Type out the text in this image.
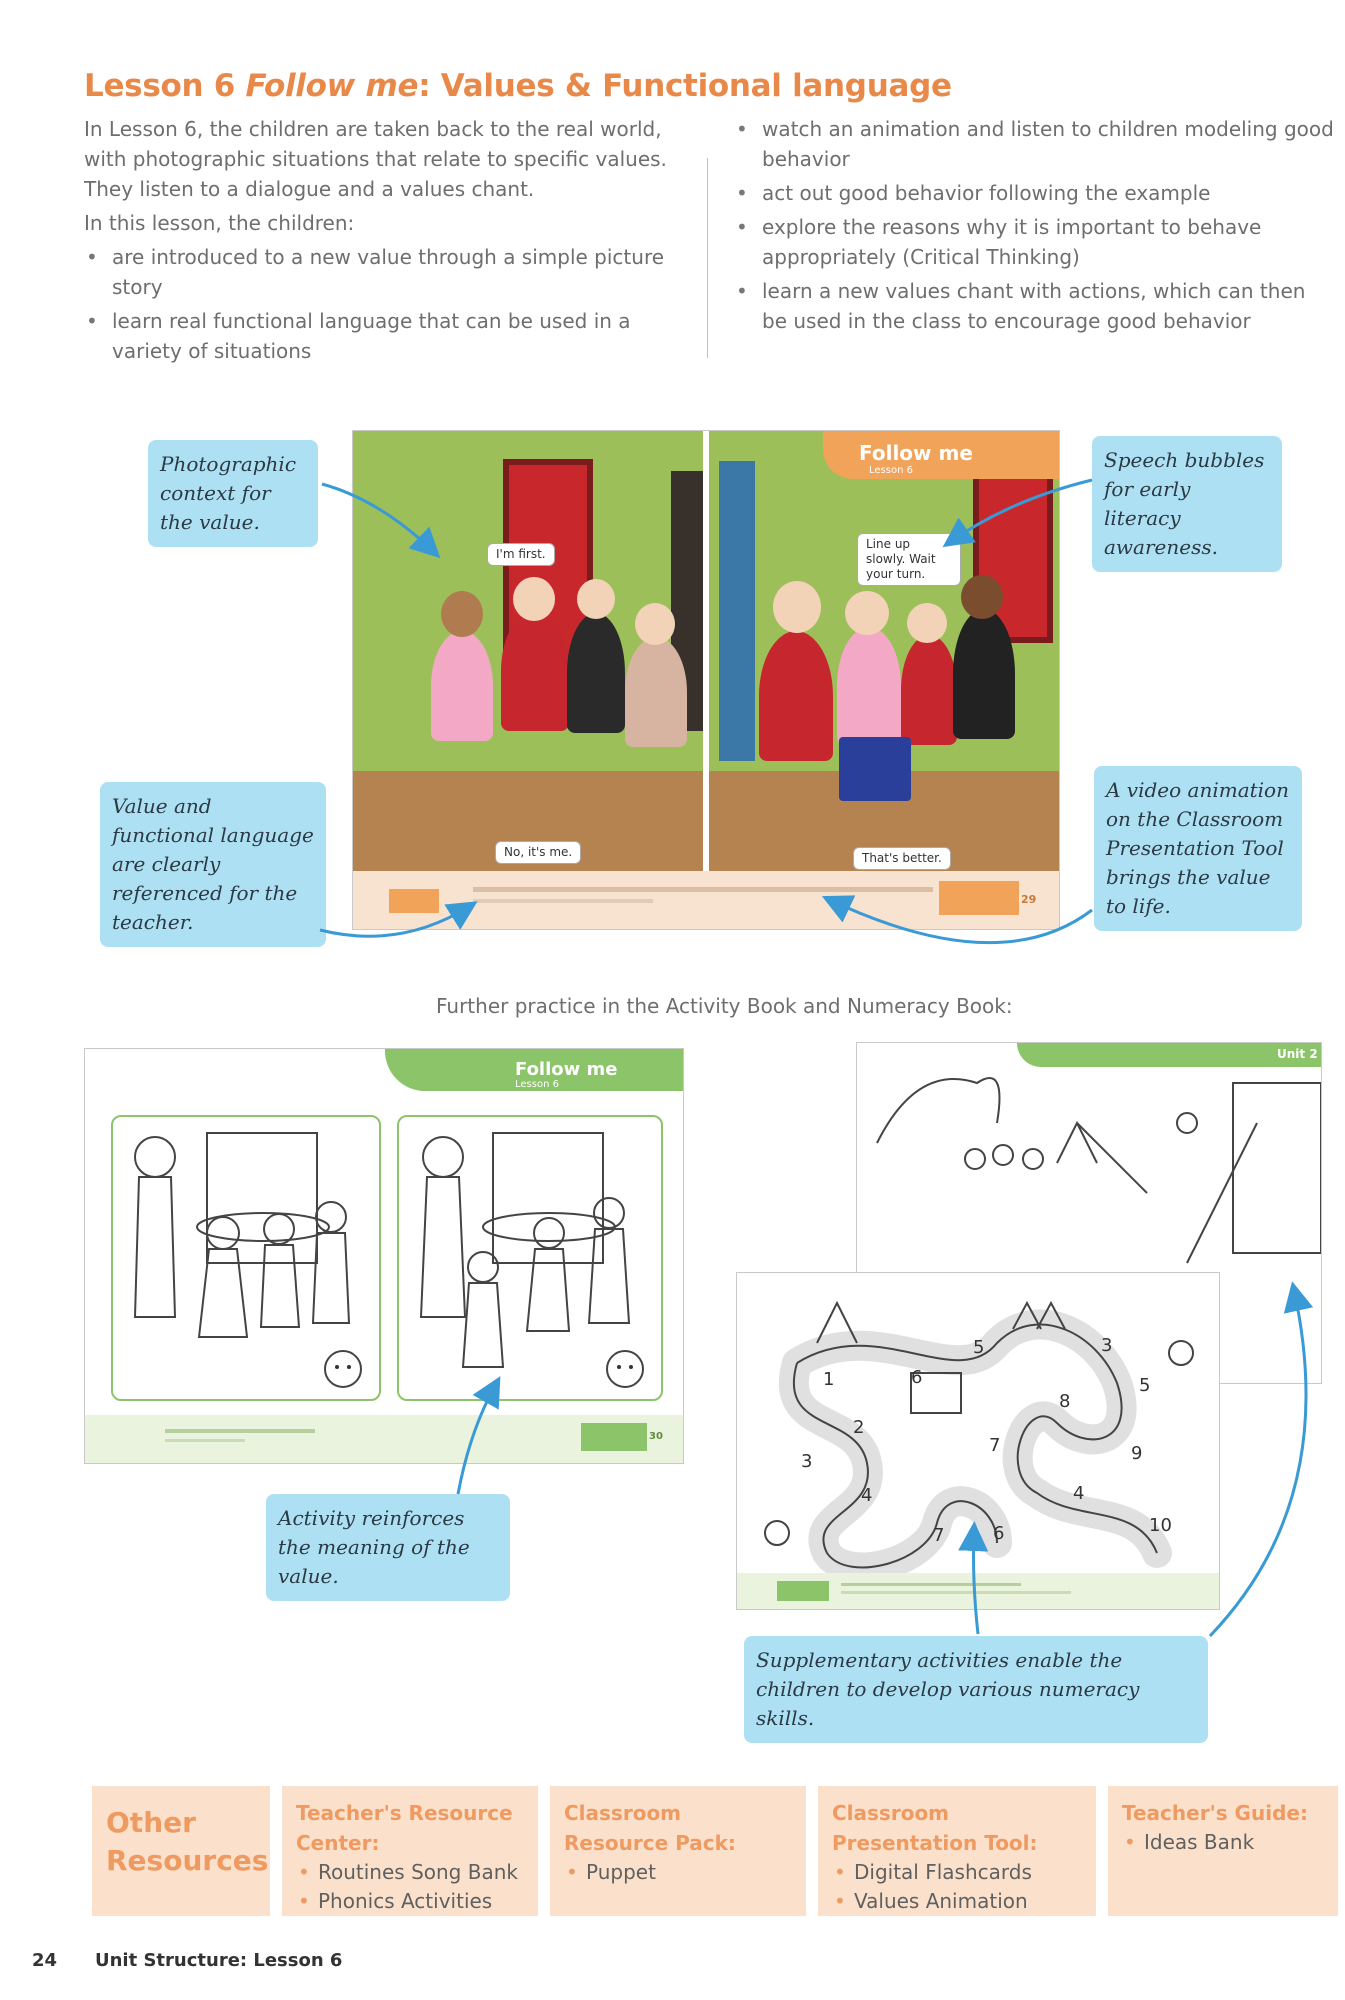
Lesson 6 Follow me: Values & Functional language
In Lesson 6, the children are taken back to the real world, with photographic situations that relate to specific values. They listen to a dialogue and a values chant.
In this lesson, the children:
• are introduced to a new value through a simple picture story
• learn real functional language that can be used in a variety of situations
• watch an animation and listen to children modeling good behavior
• act out good behavior following the example
• explore the reasons why it is important to behave appropriately (Critical Thinking)
• learn a new values chant with actions, which can then be used in the class to encourage good behavior
I'm first.
No, it's me.
Follow me
Lesson 6
Line up slowly. Wait your turn.
That's better.
29
Photographic context for the value.
Speech bubbles for early literacy awareness.
Value and functional language are clearly referenced for the teacher.
A video animation on the Classroom Presentation Tool brings the value to life.
Further practice in the Activity Book and Numeracy Book:
Follow me
Lesson 6
30
Activity reinforces the meaning of the value.
Unit 2
1
2
3
4
5
6
7
8
9
10
3
4
5
6
7
Supplementary activities enable the children to develop various numeracy skills.
Other Resources
Teacher's Resource Center:
• Routines Song Bank
• Phonics Activities
Classroom Resource Pack:
• Puppet
Classroom Presentation Tool:
• Digital Flashcards
• Values Animation
Teacher's Guide:
• Ideas Bank
24 Unit Structure: Lesson 6
